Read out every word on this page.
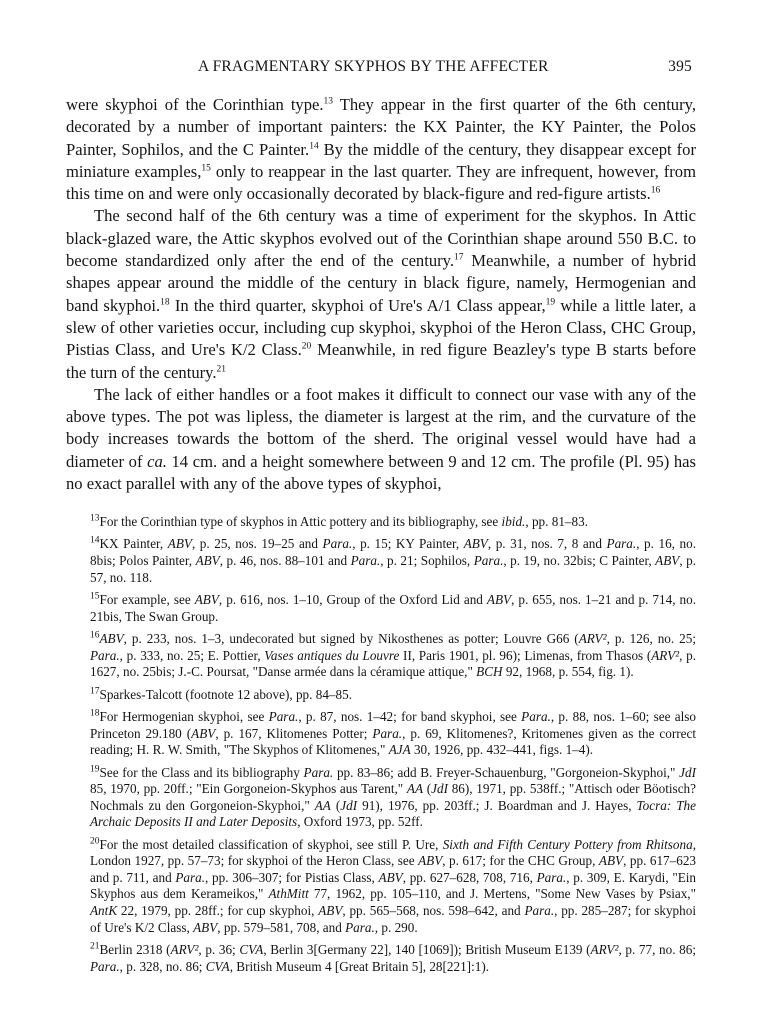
A FRAGMENTARY SKYPHOS BY THE AFFECTER	395

were skyphoi of the Corinthian type.$^{13}$ They appear in the first quarter of the 6th century, decorated by a number of important painters: the KX Painter, the KY Painter, the Polos Painter, Sophilos, and the C Painter.$^{14}$ By the middle of the century, they disappear except for miniature examples,$^{15}$ only to reappear in the last quarter. They are infrequent, however, from this time on and were only occasionally decorated by black-figure and red-figure artists.$^{16}$

The second half of the 6th century was a time of experiment for the skyphos. In Attic black-glazed ware, the Attic skyphos evolved out of the Corinthian shape around 550 B.C. to become standardized only after the end of the century.$^{17}$ Meanwhile, a number of hybrid shapes appear around the middle of the century in black figure, namely, Hermogenian and band skyphoi.$^{18}$ In the third quarter, skyphoi of Ure's A/1 Class appear,$^{19}$ while a little later, a slew of other varieties occur, including cup skyphoi, skyphoi of the Heron Class, CHC Group, Pistias Class, and Ure's K/2 Class.$^{20}$ Meanwhile, in red figure Beazley's type B starts before the turn of the century.$^{21}$

The lack of either handles or a foot makes it difficult to connect our vase with any of the above types. The pot was lipless, the diameter is largest at the rim, and the curvature of the body increases towards the bottom of the sherd. The original vessel would have had a diameter of ca. 14 cm. and a height somewhere between 9 and 12 cm. The profile (Pl. 95) has no exact parallel with any of the above types of skyphoi,

$^{13}$For the Corinthian type of skyphos in Attic pottery and its bibliography, see ibid., pp. 81–83.

$^{14}$KX Painter, ABV, p. 25, nos. 19–25 and Para., p. 15; KY Painter, ABV, p. 31, nos. 7, 8 and Para., p. 16, no. 8bis; Polos Painter, ABV, p. 46, nos. 88–101 and Para., p. 21; Sophilos, Para., p. 19, no. 32bis; C Painter, ABV, p. 57, no. 118.

$^{15}$For example, see ABV, p. 616, nos. 1–10, Group of the Oxford Lid and ABV, p. 655, nos. 1–21 and p. 714, no. 21bis, The Swan Group.

$^{16}$ABV, p. 233, nos. 1–3, undecorated but signed by Nikosthenes as potter; Louvre G66 (ARV², p. 126, no. 25; Para., p. 333, no. 25; E. Pottier, Vases antiques du Louvre II, Paris 1901, pl. 96); Limenas, from Thasos (ARV², p. 1627, no. 25bis; J.-C. Poursat, "Danse armée dans la céramique attique," BCH 92, 1968, p. 554, fig. 1).

$^{17}$Sparkes-Talcott (footnote 12 above), pp. 84–85.

$^{18}$For Hermogenian skyphoi, see Para., p. 87, nos. 1–42; for band skyphoi, see Para., p. 88, nos. 1–60; see also Princeton 29.180 (ABV, p. 167, Klitomenes Potter; Para., p. 69, Klitomenes?, Kritomenes given as the correct reading; H. R. W. Smith, "The Skyphos of Klitomenes," AJA 30, 1926, pp. 432–441, figs. 1–4).

$^{19}$See for the Class and its bibliography Para. pp. 83–86; add B. Freyer-Schauenburg, "Gorgoneion-Skyphoi," JdI 85, 1970, pp. 20ff.; "Ein Gorgoneion-Skyphos aus Tarent," AA (JdI 86), 1971, pp. 538ff.; "Attisch oder Böotisch? Nochmals zu den Gorgoneion-Skyphoi," AA (JdI 91), 1976, pp. 203ff.; J. Boardman and J. Hayes, Tocra: The Archaic Deposits II and Later Deposits, Oxford 1973, pp. 52ff.

$^{20}$For the most detailed classification of skyphoi, see still P. Ure, Sixth and Fifth Century Pottery from Rhitsona, London 1927, pp. 57–73; for skyphoi of the Heron Class, see ABV, p. 617; for the CHC Group, ABV, pp. 617–623 and p. 711, and Para., pp. 306–307; for Pistias Class, ABV, pp. 627–628, 708, 716, Para., p. 309, E. Karydi, "Ein Skyphos aus dem Kerameikos," AthMitt 77, 1962, pp. 105–110, and J. Mertens, "Some New Vases by Psiax," AntK 22, 1979, pp. 28ff.; for cup skyphoi, ABV, pp. 565–568, nos. 598–642, and Para., pp. 285–287; for skyphoi of Ure's K/2 Class, ABV, pp. 579–581, 708, and Para., p. 290.

$^{21}$Berlin 2318 (ARV², p. 36; CVA, Berlin 3[Germany 22], 140 [1069]); British Museum E139 (ARV², p. 77, no. 86; Para., p. 328, no. 86; CVA, British Museum 4 [Great Britain 5], 28[221]:1).
